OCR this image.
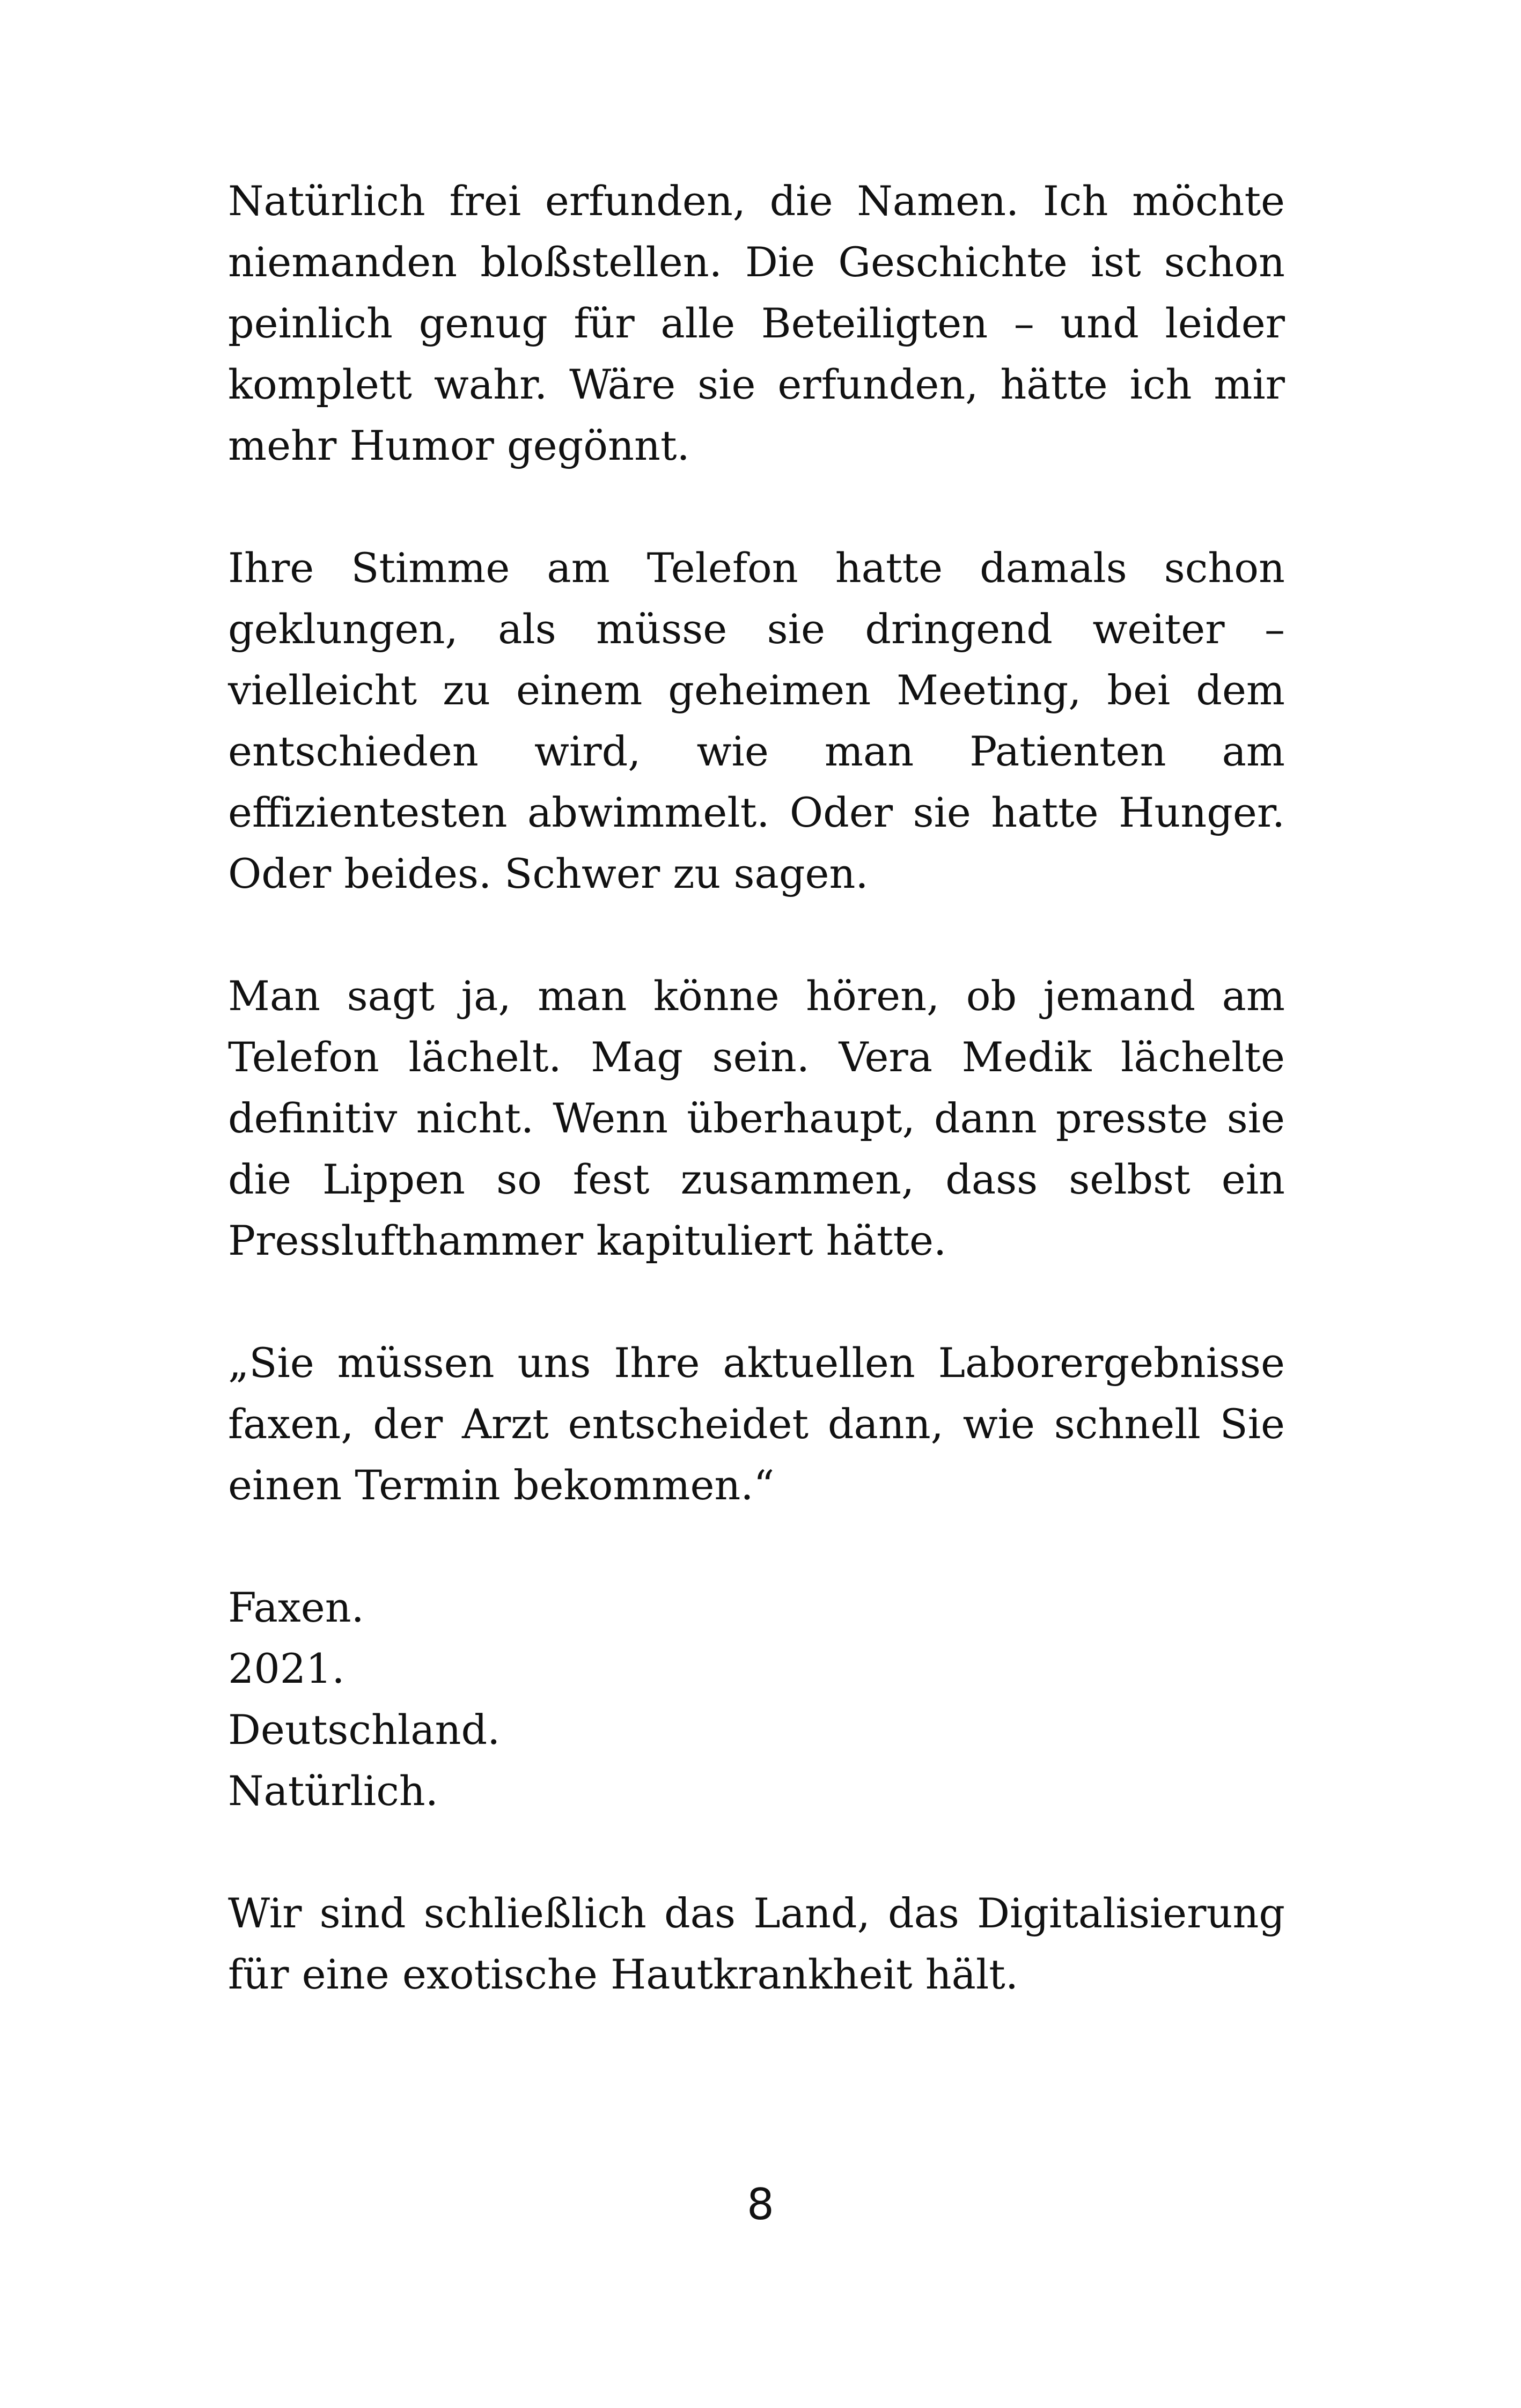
Natürlich frei erfunden, die Namen. Ich möchte niemanden bloßstellen. Die Geschichte ist schon peinlich genug für alle Beteiligten – und leider komplett wahr. Wäre sie erfunden, hätte ich mir mehr Humor gegönnt.

Ihre Stimme am Telefon hatte damals schon geklungen, als müsse sie dringend weiter – vielleicht zu einem geheimen Meeting, bei dem entschieden wird, wie man Patienten am effizientesten abwimmelt. Oder sie hatte Hunger. Oder beides. Schwer zu sagen.

Man sagt ja, man könne hören, ob jemand am Telefon lächelt. Mag sein. Vera Medik lächelte definitiv nicht. Wenn überhaupt, dann presste sie die Lippen so fest zusammen, dass selbst ein Presslufthammer kapituliert hätte.

„Sie müssen uns Ihre aktuellen Laborergebnisse faxen, der Arzt entscheidet dann, wie schnell Sie einen Termin bekommen.“

Faxen.
2021.
Deutschland.
Natürlich.

Wir sind schließlich das Land, das Digitalisierung für eine exotische Hautkrankheit hält.

8
